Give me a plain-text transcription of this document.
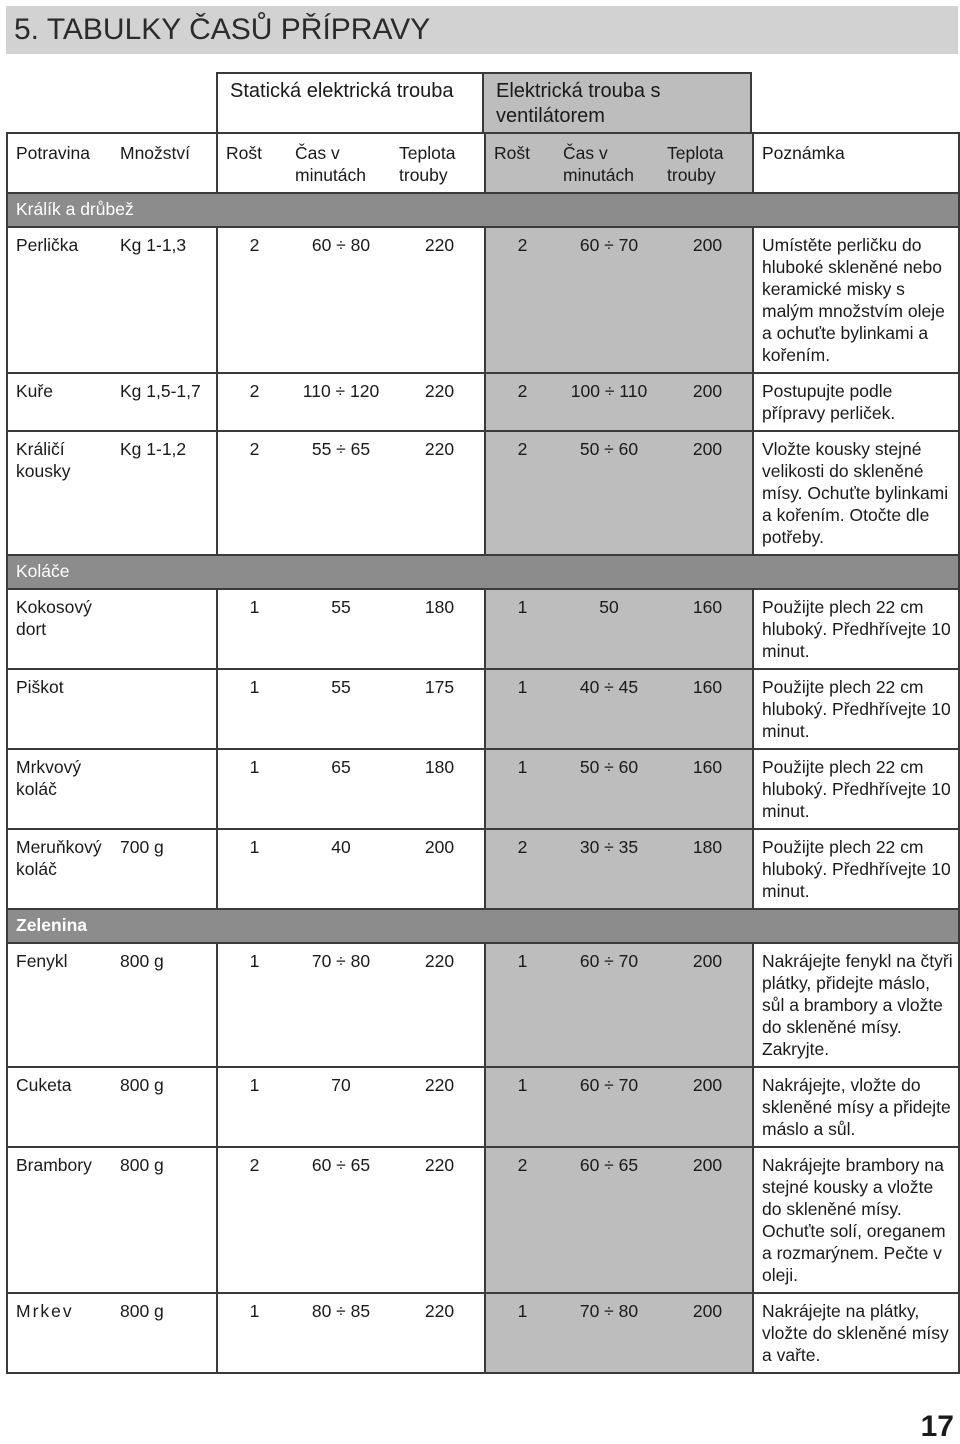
5. TABULKY ČASŮ PŘÍPRAVY
Statická elektrická trouba	Elektrická trouba s ventilátorem
Potravina	Množství	Rošt	Čas v minutách	Teplota trouby	Rošt	Čas v minutách	Teplota trouby	Poznámka
Králík a drůbež								
Perlička	Kg 1-1,3	2	60 ÷ 80	220	2	60 ÷ 70	200	Umístěte perličku do hluboké skleněné nebo keramické misky s malým množstvím oleje a ochuťte bylinkami a kořením.
Kuře	Kg 1,5-1,7	2	110 ÷ 120	220	2	100 ÷ 110	200	Postupujte podle přípravy perliček.
Králičí kousky	Kg 1-1,2	2	55 ÷ 65	220	2	50 ÷ 60	200	Vložte kousky stejné velikosti do skleněné mísy. Ochuťte bylinkami a kořením. Otočte dle potřeby.
Koláče								
Kokosový dort		1	55	180	1	50	160	Použijte plech 22 cm hluboký. Předhřívejte 10 minut.
Piškot		1	55	175	1	40 ÷ 45	160	Použijte plech 22 cm hluboký. Předhřívejte 10 minut.
Mrkvový koláč		1	65	180	1	50 ÷ 60	160	Použijte plech 22 cm hluboký. Předhřívejte 10 minut.
Meruňkový koláč	700 g	1	40	200	2	30 ÷ 35	180	Použijte plech 22 cm hluboký. Předhřívejte 10 minut.
Zelenina								
Fenykl	800 g	1	70 ÷ 80	220	1	60 ÷ 70	200	Nakrájejte fenykl na čtyři plátky, přidejte máslo, sůl a brambory a vložte do skleněné mísy. Zakryjte.
Cuketa	800 g	1	70	220	1	60 ÷ 70	200	Nakrájejte, vložte do skleněné mísy a přidejte máslo a sůl.
Brambory	800 g	2	60 ÷ 65	220	2	60 ÷ 65	200	Nakrájejte brambory na stejné kousky a vložte do skleněné mísy. Ochuťte solí, oreganem a rozmarýnem. Pečte v oleji.
Mrkev	800 g	1	80 ÷ 85	220	1	70 ÷ 80	200	Nakrájejte na plátky, vložte do skleněné mísy a vařte.
17
